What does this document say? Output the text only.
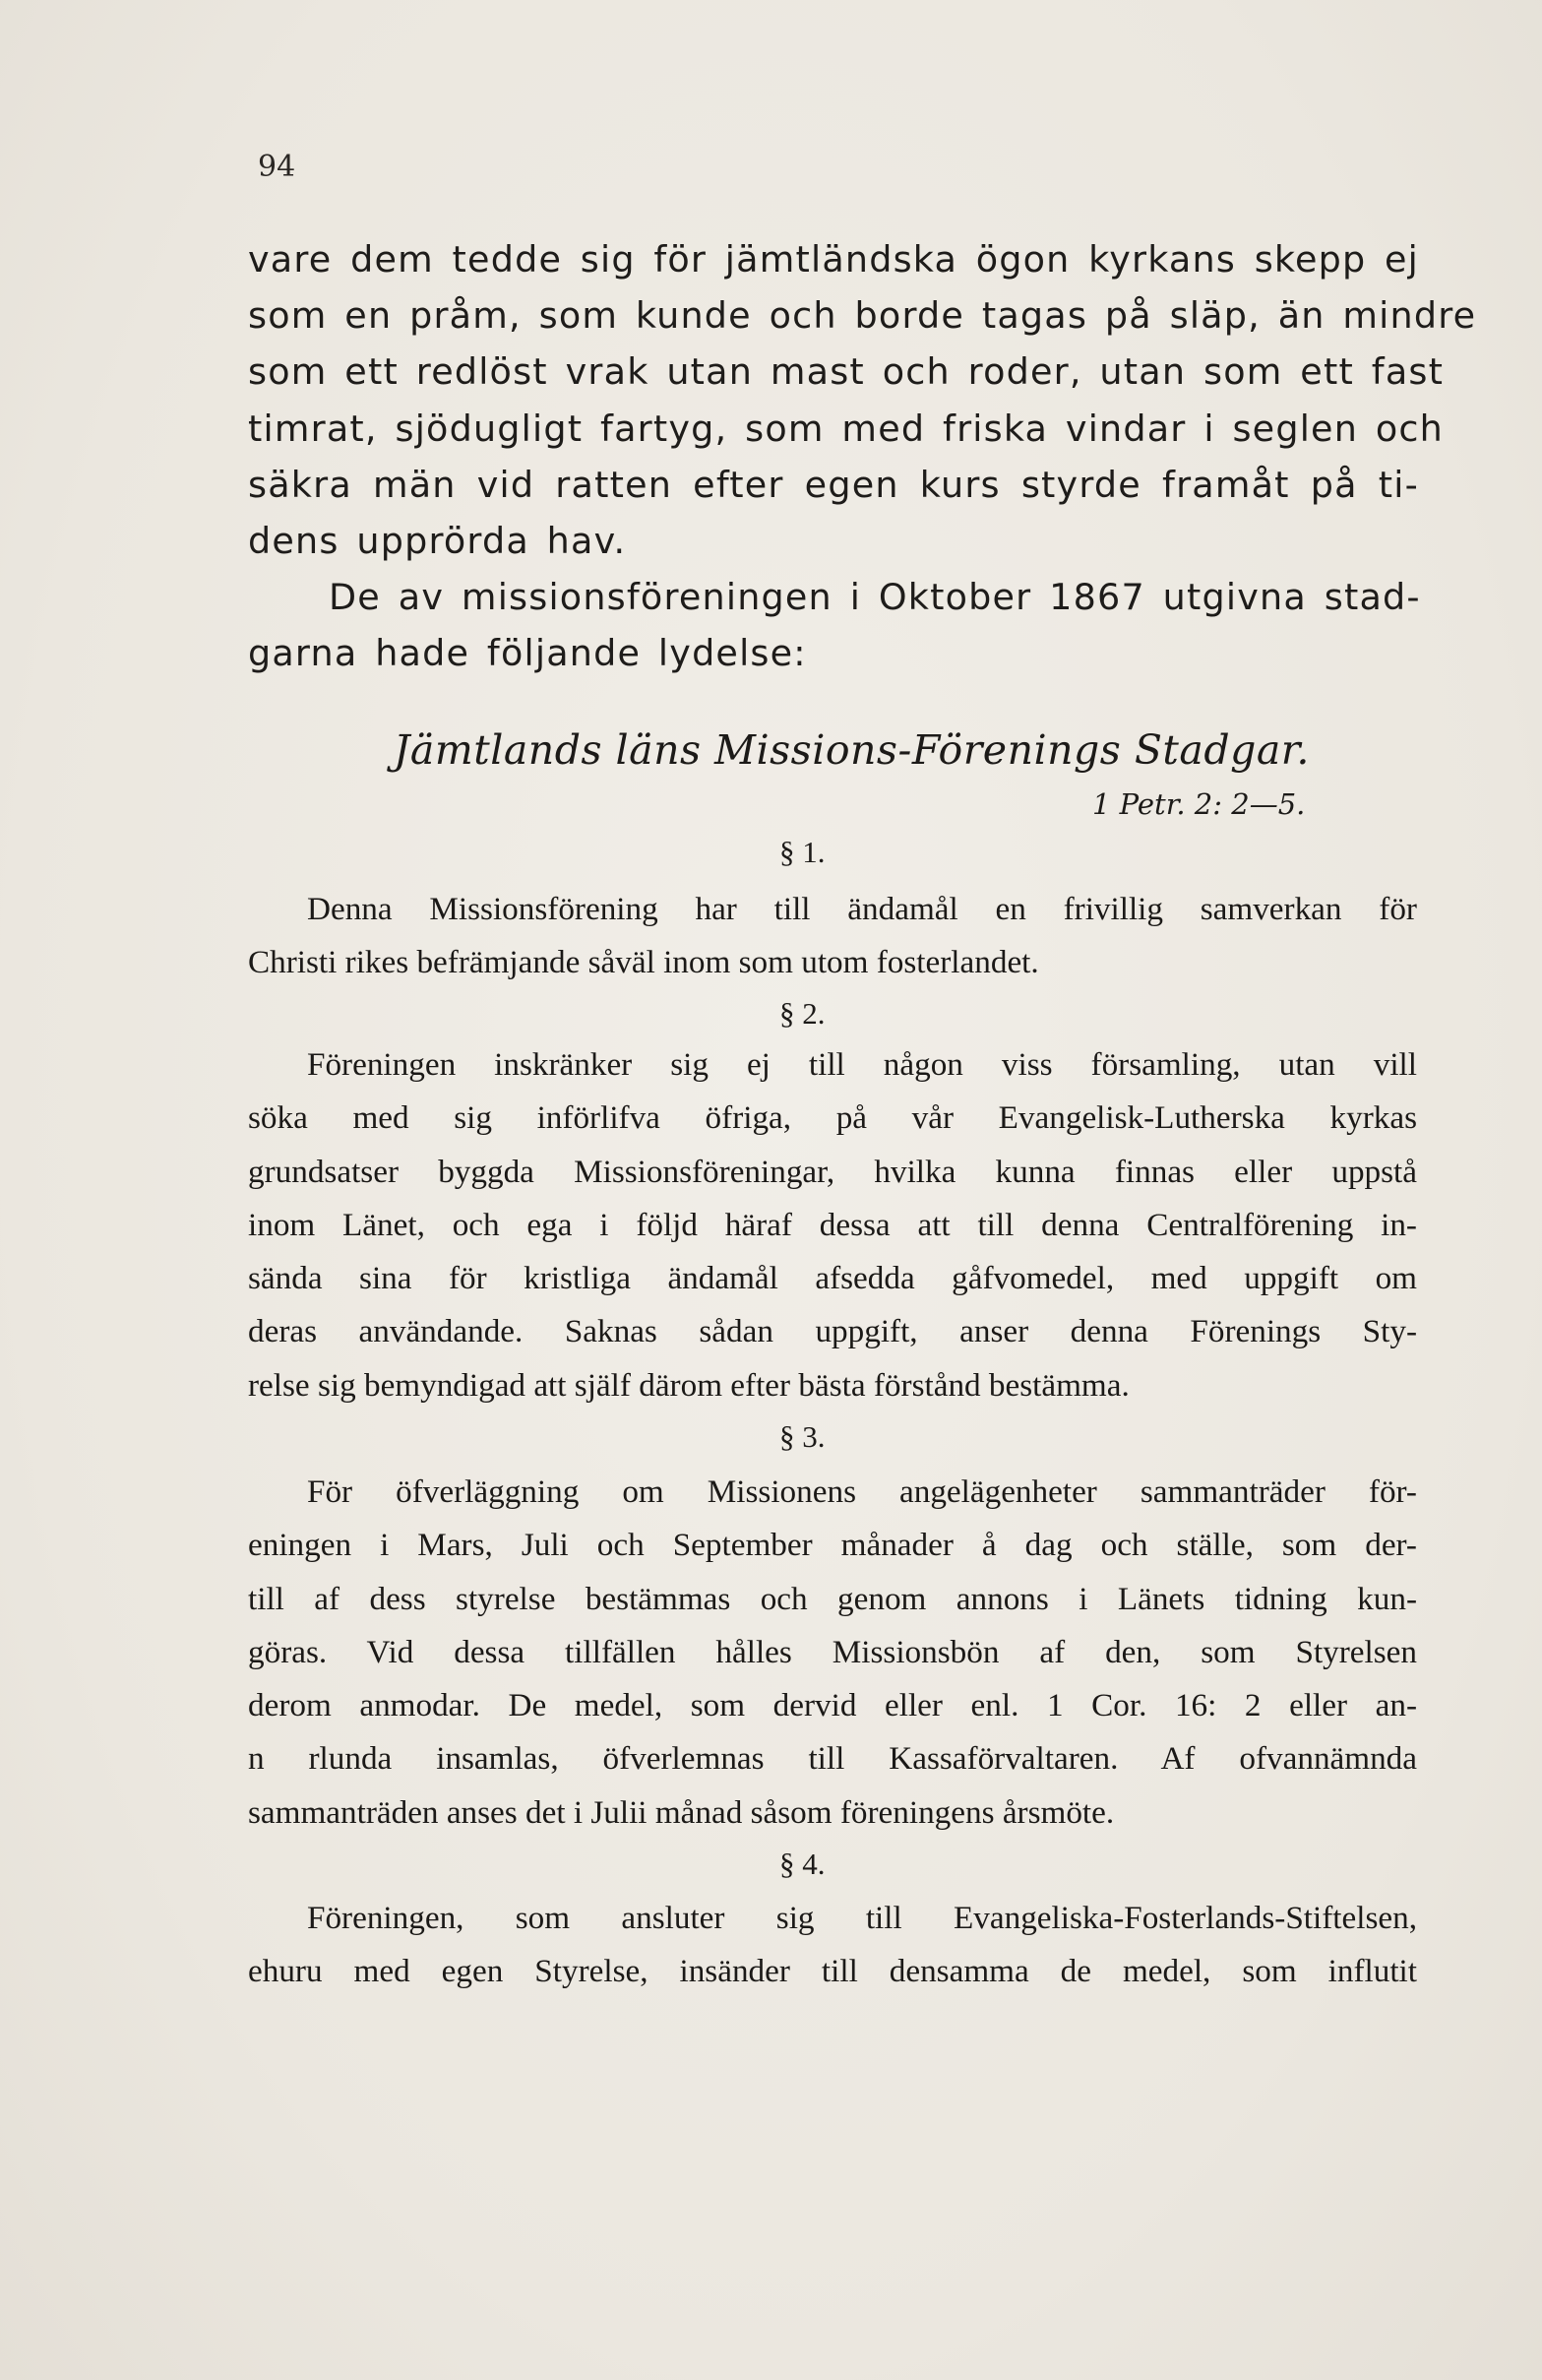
94
vare dem tedde sig för jämtländska ögon kyrkans skepp ej
som en pråm, som kunde och borde tagas på släp, än mindre
som ett redlöst vrak utan mast och roder, utan som ett fast
timrat, sjödugligt fartyg, som med friska vindar i seglen och
säkra män vid ratten efter egen kurs styrde framåt på ti-
dens upprörda hav.
De av missionsföreningen i Oktober 1867 utgivna stad-
garna hade följande lydelse:
Jämtlands läns Missions-Förenings Stadgar.
1 Petr. 2: 2—5.
§ 1.
Denna Missionsförening har till ändamål en frivillig samverkan för
Christi rikes befrämjande såväl inom som utom fosterlandet.
§ 2.
Föreningen inskränker sig ej till någon viss församling, utan vill
söka med sig införlifva öfriga, på vår Evangelisk-Lutherska kyrkas
grundsatser byggda Missionsföreningar, hvilka kunna finnas eller uppstå
inom Länet, och ega i följd häraf dessa att till denna Centralförening in-
sända sina för kristliga ändamål afsedda gåfvomedel, med uppgift om
deras användande. Saknas sådan uppgift, anser denna Förenings Sty-
relse sig bemyndigad att själf därom efter bästa förstånd bestämma.
§ 3.
För öfverläggning om Missionens angelägenheter sammanträder för-
eningen i Mars, Juli och September månader å dag och ställe, som der-
till af dess styrelse bestämmas och genom annons i Länets tidning kun-
göras. Vid dessa tillfällen hålles Missionsbön af den, som Styrelsen
derom anmodar. De medel, som dervid eller enl. 1 Cor. 16: 2 eller an-
n rlunda insamlas, öfverlemnas till Kassaförvaltaren. Af ofvannämnda
sammanträden anses det i Julii månad såsom föreningens årsmöte.
§ 4.
Föreningen, som ansluter sig till Evangeliska-Fosterlands-Stiftelsen,
ehuru med egen Styrelse, insänder till densamma de medel, som influtit
